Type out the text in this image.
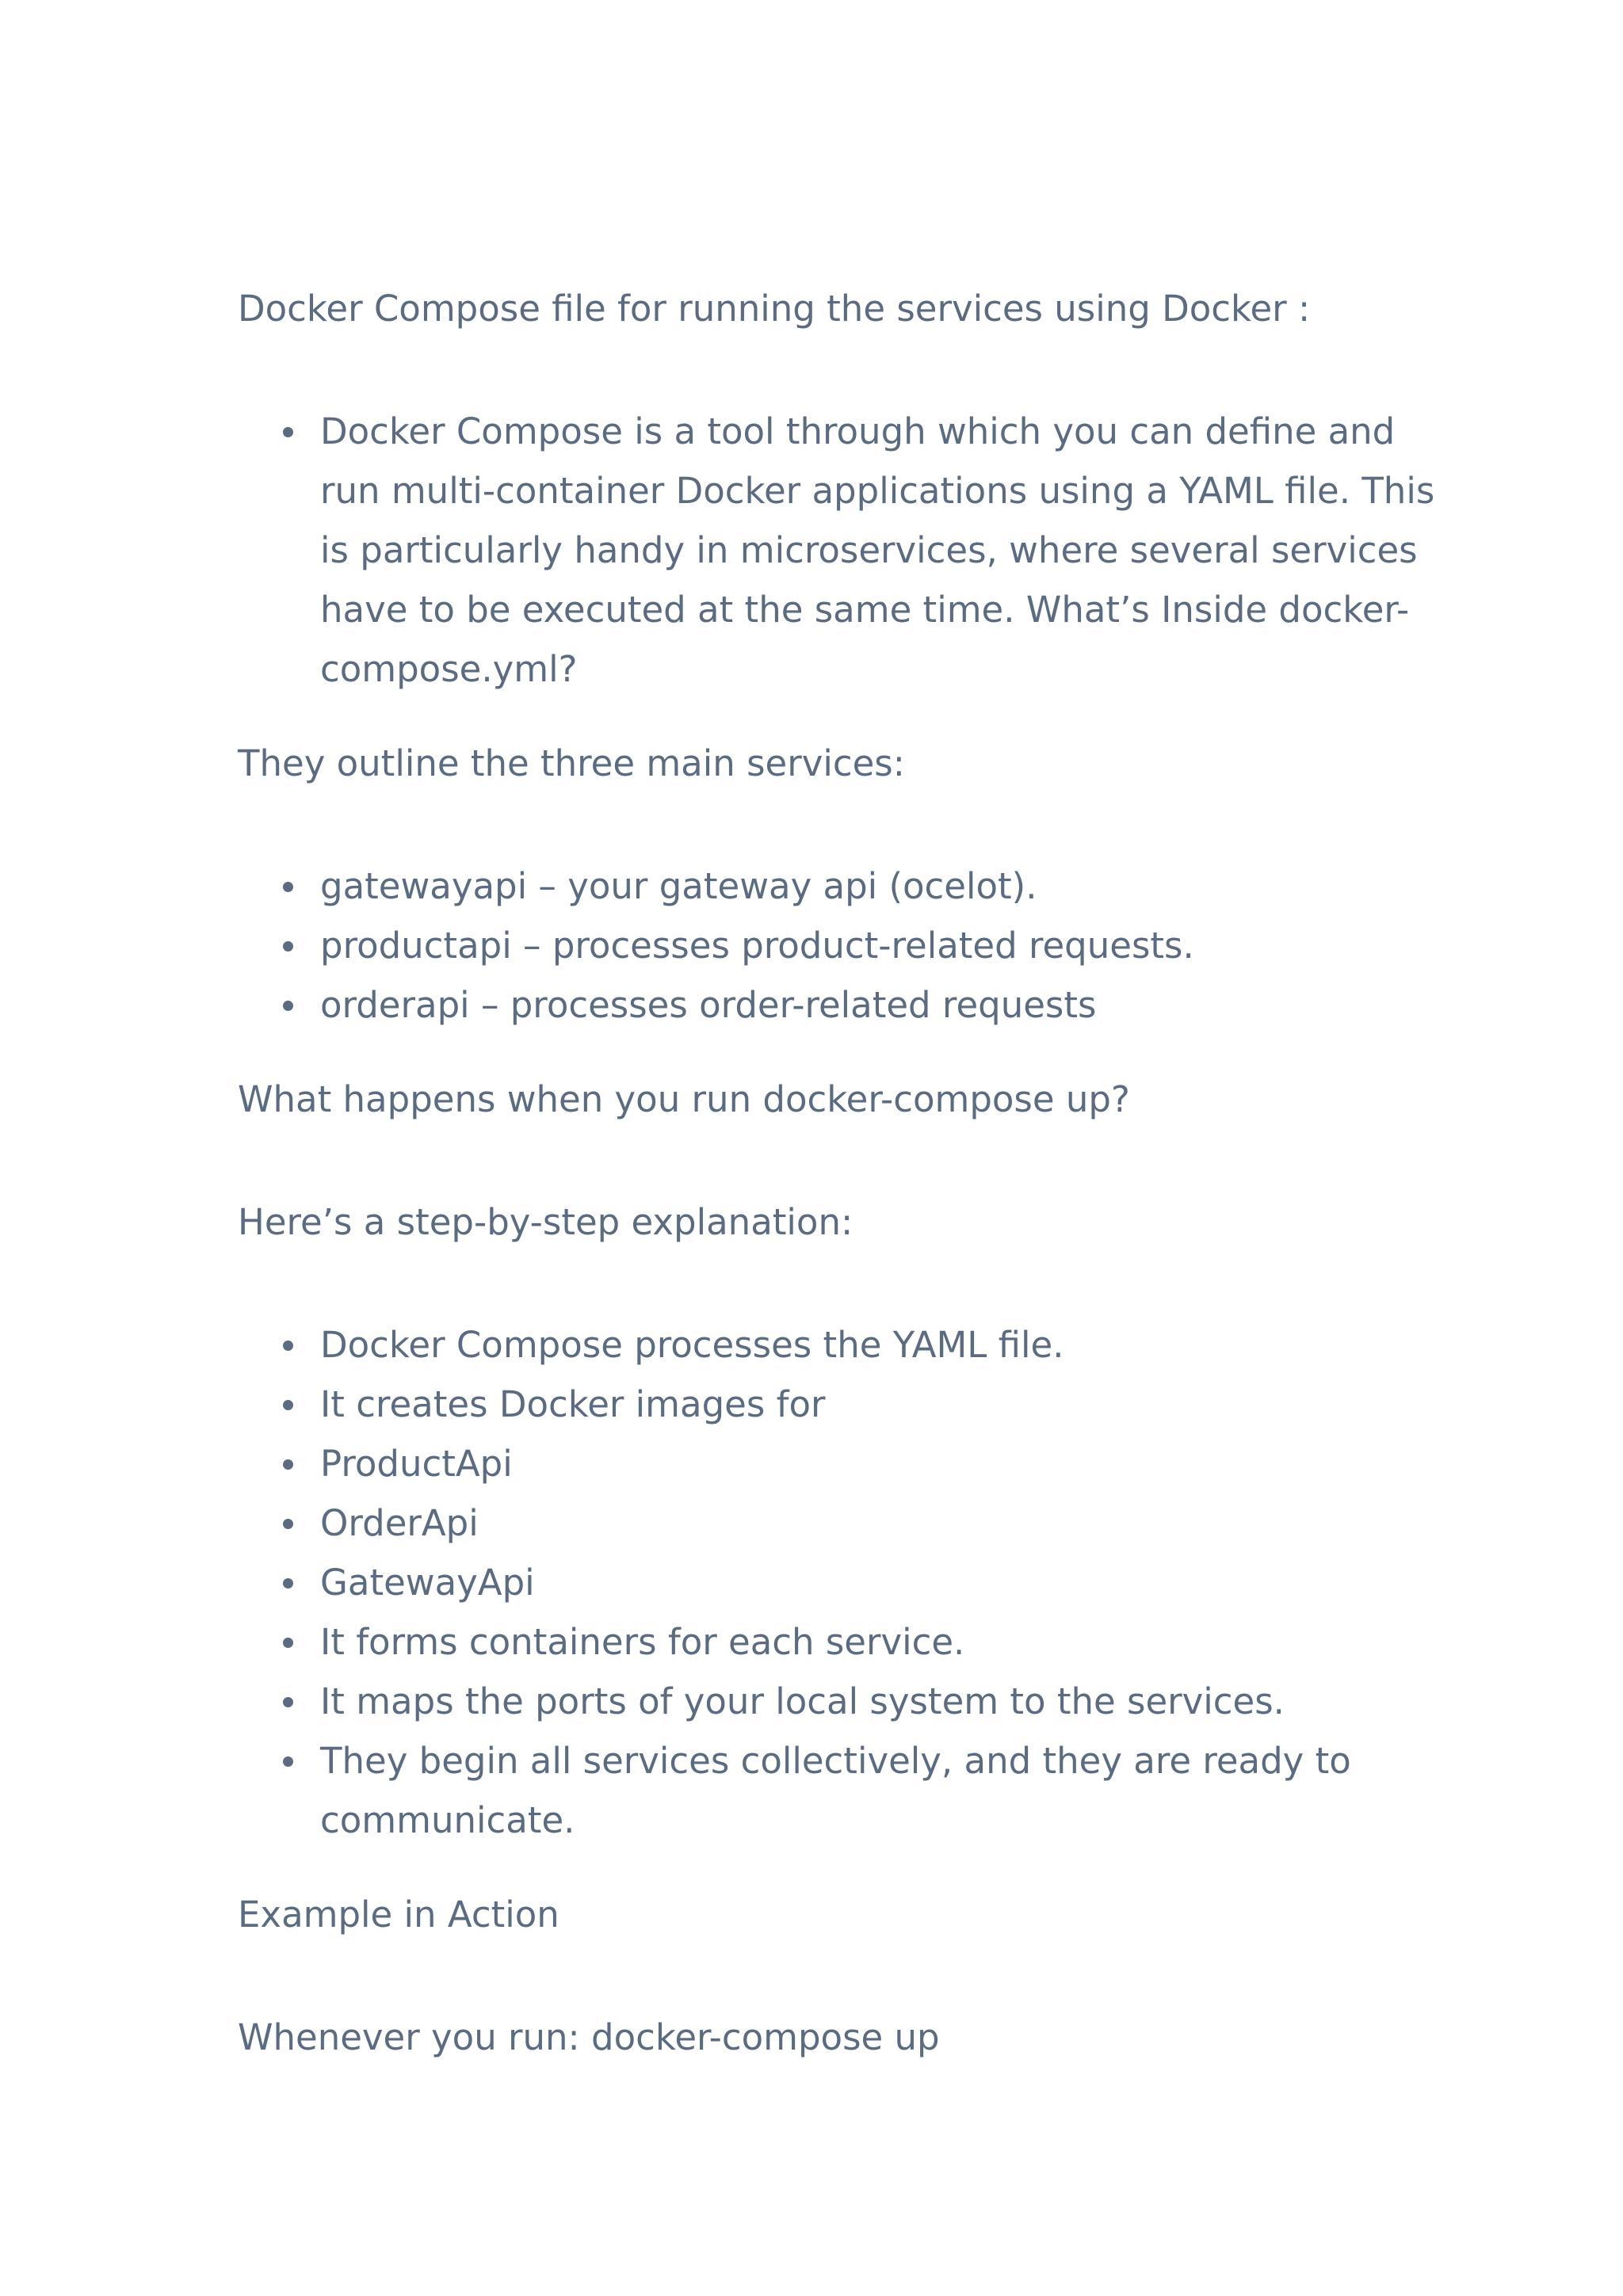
Docker Compose file for running the services using Docker :

Docker Compose is a tool through which you can define and run multi-container Docker applications using a YAML file. This is particularly handy in microservices, where several services have to be executed at the same time. What’s Inside docker-compose.yml?

They outline the three main services:

gatewayapi – your gateway api (ocelot).
productapi – processes product-related requests.
orderapi – processes order-related requests

What happens when you run docker-compose up?

Here’s a step-by-step explanation:

Docker Compose processes the YAML file.
It creates Docker images for
ProductApi
OrderApi
GatewayApi
It forms containers for each service.
It maps the ports of your local system to the services.
They begin all services collectively, and they are ready to communicate.

Example in Action

Whenever you run: docker-compose up
